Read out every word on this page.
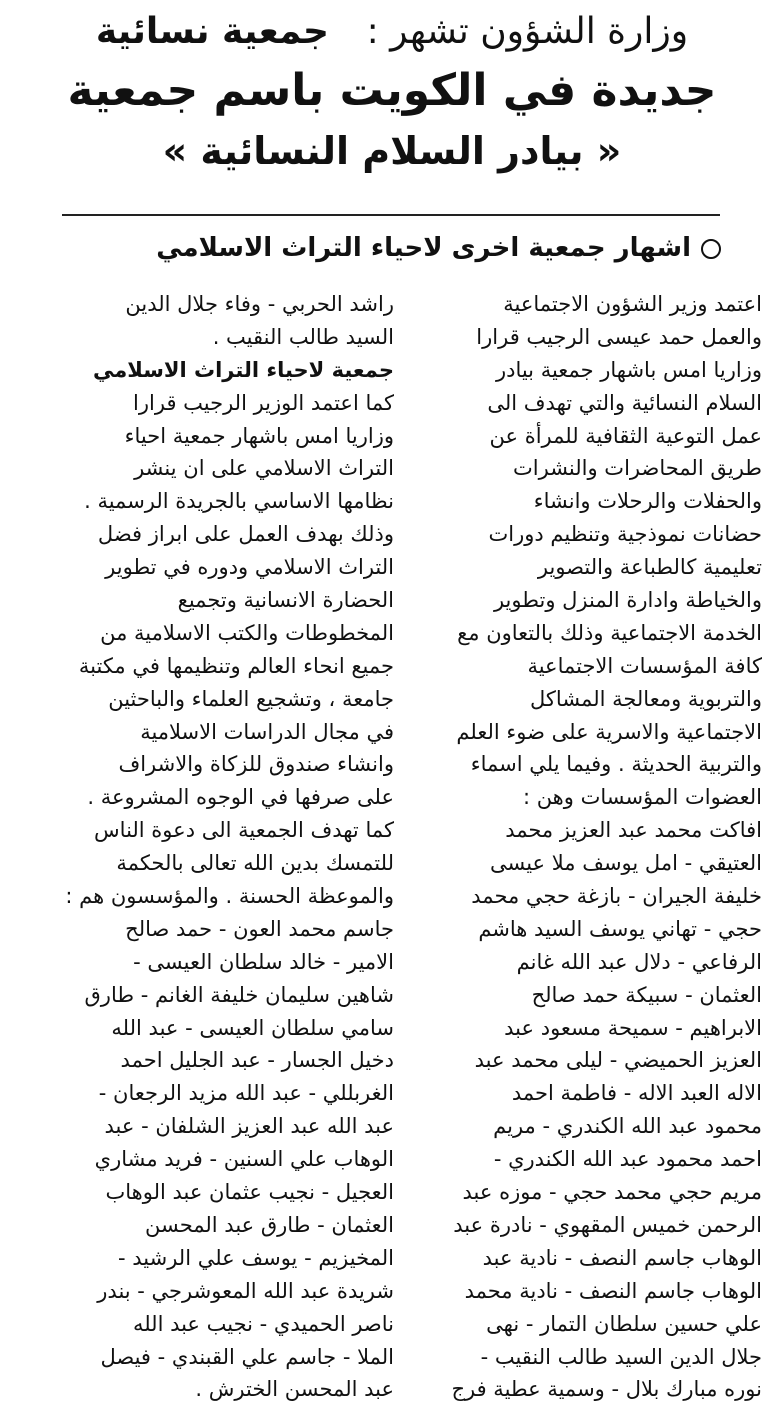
وزارة الشؤون تشهر :   جمعية نسائية
جديدة في الكويت باسم جمعية
« بيادر السلام النسائية »
اشهار جمعية اخرى لاحياء التراث الاسلامي
اعتمد وزير الشؤون الاجتماعية
والعمل حمد عيسى الرجيب قرارا
وزاريا امس باشهار جمعية بيادر
السلام النسائية والتي تهدف الى
عمل التوعية الثقافية للمرأة عن
طريق المحاضرات والنشرات
والحفلات والرحلات وانشاء
حضانات نموذجية وتنظيم دورات
تعليمية كالطباعة والتصوير
والخياطة وادارة المنزل وتطوير
الخدمة الاجتماعية وذلك بالتعاون مع
كافة المؤسسات الاجتماعية
والتربوية ومعالجة المشاكل
الاجتماعية والاسرية على ضوء العلم
والتربية الحديثة . وفيما يلي اسماء
العضوات المؤسسات وهن :
افاكت محمد عبد العزيز محمد
العتيقي - امل يوسف ملا عيسى
خليفة الجيران - بازغة حجي محمد
حجي - تهاني يوسف السيد هاشم
الرفاعي - دلال عبد الله غانم
العثمان - سبيكة حمد صالح
الابراهيم - سميحة مسعود عبد
العزيز الحميضي - ليلى محمد عبد
الاله العبد الاله - فاطمة احمد
محمود عبد الله الكندري - مريم
احمد محمود عبد الله الكندري -
مريم حجي محمد حجي - موزه عبد
الرحمن خميس المقهوي - نادرة عبد
الوهاب جاسم النصف - نادية عبد
الوهاب جاسم النصف - نادية محمد
علي حسين سلطان التمار - نهى
جلال الدين السيد طالب النقيب -
نوره مبارك بلال - وسمية عطية فرج
راشد الحربي - وفاء جلال الدين
السيد طالب النقيب .
جمعية لاحياء التراث الاسلامي
كما اعتمد الوزير الرجيب قرارا
وزاريا امس باشهار جمعية احياء
التراث الاسلامي على ان ينشر
نظامها الاساسي بالجريدة الرسمية .
وذلك بهدف العمل على ابراز فضل
التراث الاسلامي ودوره في تطوير
الحضارة الانسانية وتجميع
المخطوطات والكتب الاسلامية من
جميع انحاء العالم وتنظيمها في مكتبة
جامعة ، وتشجيع العلماء والباحثين
في مجال الدراسات الاسلامية
وانشاء صندوق للزكاة والاشراف
على صرفها في الوجوه المشروعة .
كما تهدف الجمعية الى دعوة الناس
للتمسك بدين الله تعالى بالحكمة
والموعظة الحسنة . والمؤسسون هم :
جاسم محمد العون - حمد صالح
الامير - خالد سلطان العيسى -
شاهين سليمان خليفة الغانم - طارق
سامي سلطان العيسى - عبد الله
دخيل الجسار - عبد الجليل احمد
الغربللي - عبد الله مزيد الرجعان -
عبد الله عبد العزيز الشلفان - عبد
الوهاب علي السنين - فريد مشاري
العجيل - نجيب عثمان عبد الوهاب
العثمان - طارق عبد المحسن
المخيزيم - يوسف علي الرشيد -
شريدة عبد الله المعوشرجي - بندر
ناصر الحميدي - نجيب عبد الله
الملا - جاسم علي القبندي - فيصل
عبد المحسن الخترش .
